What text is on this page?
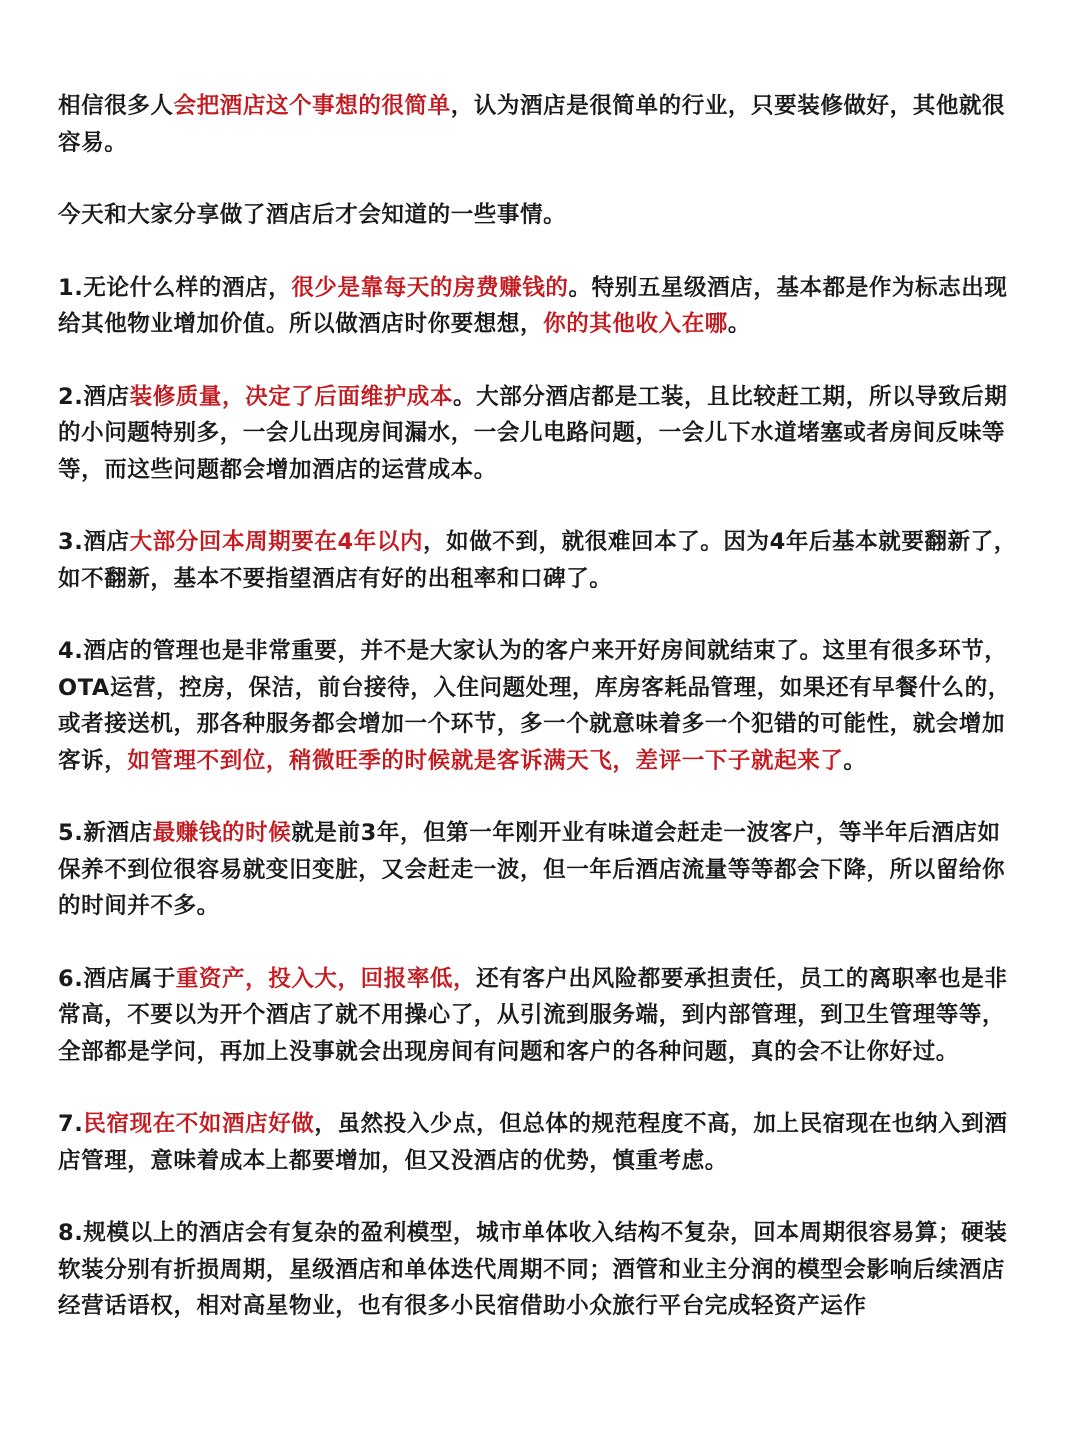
相信很多人会把酒店这个事想的很简单，认为酒店是很简单的行业，只要装修做好，其他就很容易。

今天和大家分享做了酒店后才会知道的一些事情。

1.无论什么样的酒店，很少是靠每天的房费赚钱的。特别五星级酒店，基本都是作为标志出现给其他物业增加价值。所以做酒店时你要想想，你的其他收入在哪。

2.酒店装修质量，决定了后面维护成本。大部分酒店都是工装，且比较赶工期，所以导致后期的小问题特别多，一会儿出现房间漏水，一会儿电路问题，一会儿下水道堵塞或者房间反味等等，而这些问题都会增加酒店的运营成本。

3.酒店大部分回本周期要在4年以内，如做不到，就很难回本了。因为4年后基本就要翻新了，如不翻新，基本不要指望酒店有好的出租率和口碑了。

4.酒店的管理也是非常重要，并不是大家认为的客户来开好房间就结束了。这里有很多环节，OTA运营，控房，保洁，前台接待，入住问题处理，库房客耗品管理，如果还有早餐什么的，或者接送机，那各种服务都会增加一个环节，多一个就意味着多一个犯错的可能性，就会增加客诉，如管理不到位，稍微旺季的时候就是客诉满天飞，差评一下子就起来了。

5.新酒店最赚钱的时候就是前3年，但第一年刚开业有味道会赶走一波客户，等半年后酒店如保养不到位很容易就变旧变脏，又会赶走一波，但一年后酒店流量等等都会下降，所以留给你的时间并不多。

6.酒店属于重资产，投入大，回报率低，还有客户出风险都要承担责任，员工的离职率也是非常高，不要以为开个酒店了就不用操心了，从引流到服务端，到内部管理，到卫生管理等等，全部都是学问，再加上没事就会出现房间有问题和客户的各种问题，真的会不让你好过。

7.民宿现在不如酒店好做，虽然投入少点，但总体的规范程度不高，加上民宿现在也纳入到酒店管理，意味着成本上都要增加，但又没酒店的优势，慎重考虑。

8.规模以上的酒店会有复杂的盈利模型，城市单体收入结构不复杂，回本周期很容易算；硬装软装分别有折损周期，星级酒店和单体迭代周期不同；酒管和业主分润的模型会影响后续酒店经营话语权，相对高星物业，也有很多小民宿借助小众旅行平台完成轻资产运作
